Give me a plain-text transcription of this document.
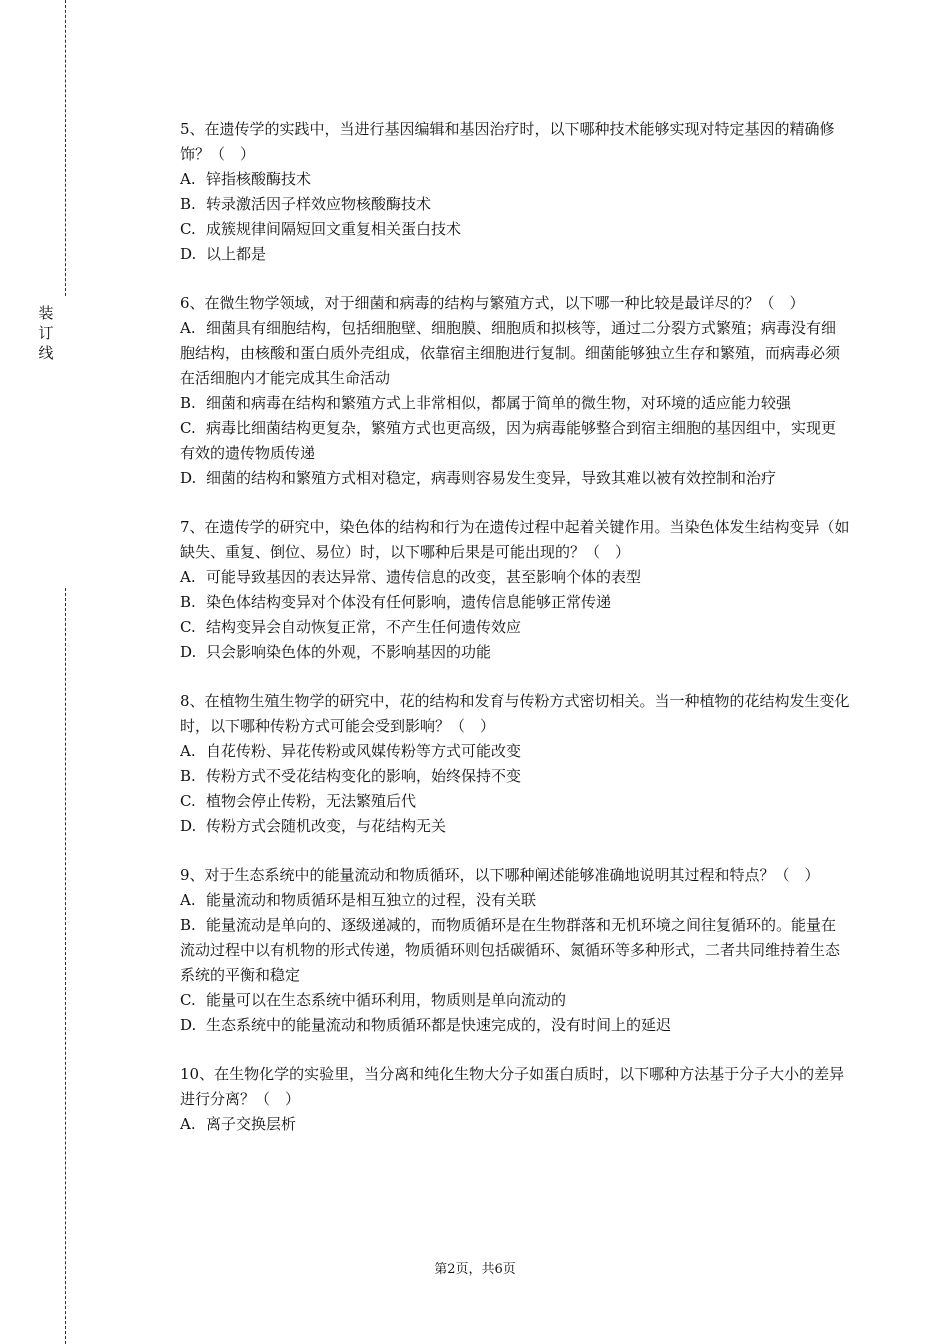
装
订
线

5、在遗传学的实践中，当进行基因编辑和基因治疗时，以下哪种技术能够实现对特定基因的精确修饰？（　）

A. 锌指核酸酶技术

B. 转录激活因子样效应物核酸酶技术

C. 成簇规律间隔短回文重复相关蛋白技术

D. 以上都是

6、在微生物学领域，对于细菌和病毒的结构与繁殖方式，以下哪一种比较是最详尽的？（　）

A. 细菌具有细胞结构，包括细胞壁、细胞膜、细胞质和拟核等，通过二分裂方式繁殖；病毒没有细胞结构，由核酸和蛋白质外壳组成，依靠宿主细胞进行复制。细菌能够独立生存和繁殖，而病毒必须在活细胞内才能完成其生命活动

B. 细菌和病毒在结构和繁殖方式上非常相似，都属于简单的微生物，对环境的适应能力较强

C. 病毒比细菌结构更复杂，繁殖方式也更高级，因为病毒能够整合到宿主细胞的基因组中，实现更有效的遗传物质传递

D. 细菌的结构和繁殖方式相对稳定，病毒则容易发生变异，导致其难以被有效控制和治疗

7、在遗传学的研究中，染色体的结构和行为在遗传过程中起着关键作用。当染色体发生结构变异（如缺失、重复、倒位、易位）时，以下哪种后果是可能出现的？（　）

A. 可能导致基因的表达异常、遗传信息的改变，甚至影响个体的表型

B. 染色体结构变异对个体没有任何影响，遗传信息能够正常传递

C. 结构变异会自动恢复正常，不产生任何遗传效应

D. 只会影响染色体的外观，不影响基因的功能

8、在植物生殖生物学的研究中，花的结构和发育与传粉方式密切相关。当一种植物的花结构发生变化时，以下哪种传粉方式可能会受到影响？（　）

A. 自花传粉、异花传粉或风媒传粉等方式可能改变

B. 传粉方式不受花结构变化的影响，始终保持不变

C. 植物会停止传粉，无法繁殖后代

D. 传粉方式会随机改变，与花结构无关

9、对于生态系统中的能量流动和物质循环，以下哪种阐述能够准确地说明其过程和特点？（　）

A. 能量流动和物质循环是相互独立的过程，没有关联

B. 能量流动是单向的、逐级递减的，而物质循环是在生物群落和无机环境之间往复循环的。能量在流动过程中以有机物的形式传递，物质循环则包括碳循环、氮循环等多种形式，二者共同维持着生态系统的平衡和稳定

C. 能量可以在生态系统中循环利用，物质则是单向流动的

D. 生态系统中的能量流动和物质循环都是快速完成的，没有时间上的延迟

10、在生物化学的实验里，当分离和纯化生物大分子如蛋白质时，以下哪种方法基于分子大小的差异进行分离？（　）

A. 离子交换层析

第2页，共6页
